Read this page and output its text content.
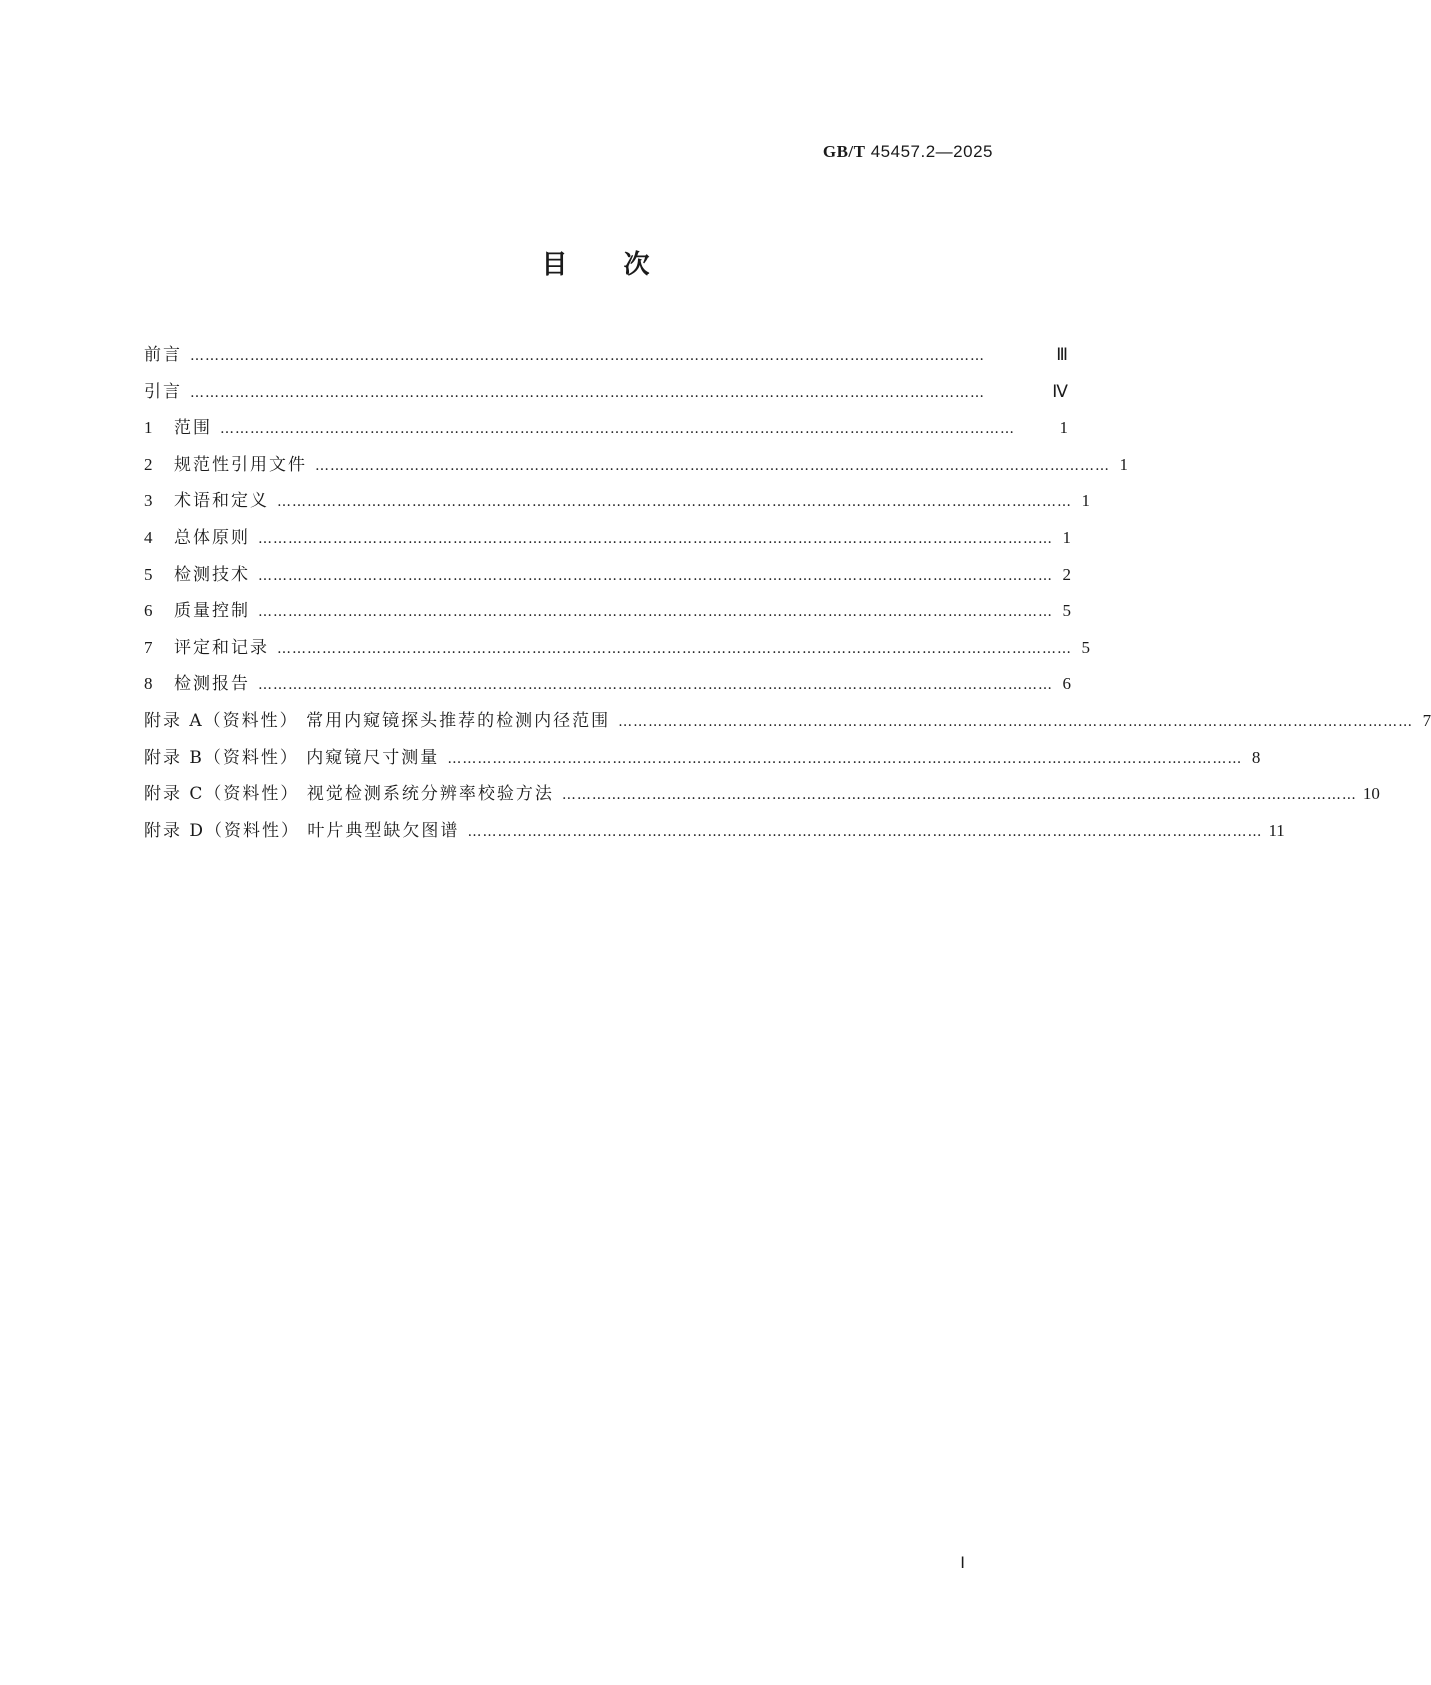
GB/T 45457.2—2025
目 次
前言 ……………………………………………………………………………………………………………………………………………	Ⅲ
引言 ……………………………………………………………………………………………………………………………………………	Ⅳ
1	范围 ……………………………………………………………………………………………………………………………………………	1
2	规范性引用文件 …………………………………………………………………………………………………………………………………………… 1
3	术语和定义 …………………………………………………………………………………………………………………………………………… 1
4	总体原则 …………………………………………………………………………………………………………………………………………… 1
5	检测技术 …………………………………………………………………………………………………………………………………………… 2
6	质量控制 …………………………………………………………………………………………………………………………………………… 5
7	评定和记录 …………………………………………………………………………………………………………………………………………… 5
8	检测报告 …………………………………………………………………………………………………………………………………………… 6
附录 A（资料性） 常用内窥镜探头推荐的检测内径范围 …………………………………………………………………………………………………………………………………………… 7
附录 B（资料性） 内窥镜尺寸测量 …………………………………………………………………………………………………………………………………………… 8
附录 C（资料性） 视觉检测系统分辨率校验方法 …………………………………………………………………………………………………………………………………………… 10
附录 D（资料性） 叶片典型缺欠图谱 …………………………………………………………………………………………………………………………………………… 11
Ⅰ
